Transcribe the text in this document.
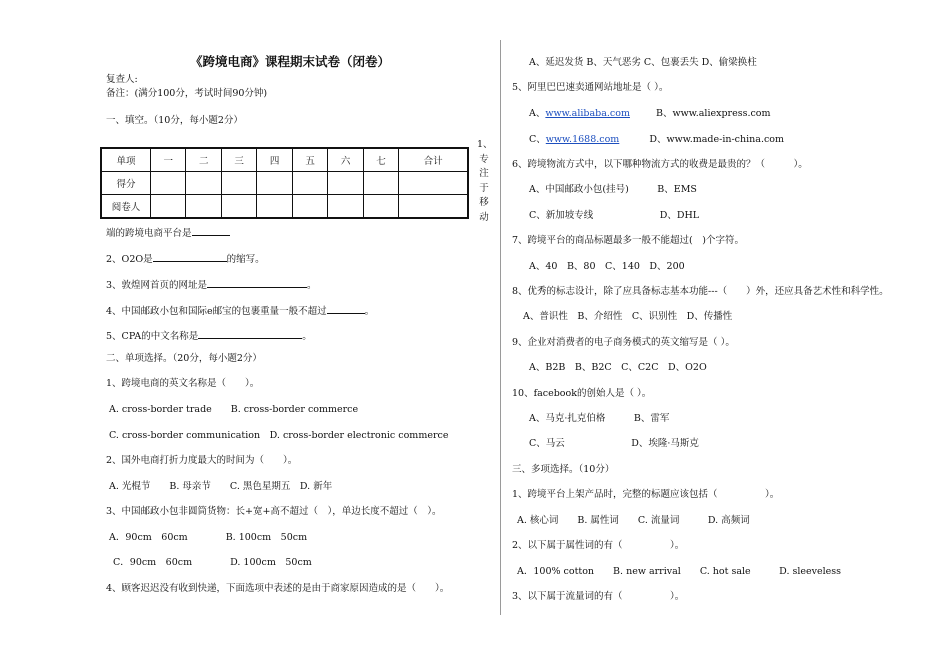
《跨境电商》课程期末试卷（闭卷）
复查人:
备注：(满分100分，考试时间90分钟)
一、填空。（10分，每小题2分）
单项	一	二	三	四	五	六	七	合计
得分								
阅卷人								
1、
专
注
于
移
动
端的跨境电商平台是
2、O2O是	的缩写。
3、敦煌网首页的网址是	。
4、中国邮政小包和国际e邮宝的包裹重量一般不超过	。
5、CPA的中文名称是	。
二、单项选择。（20分，每小题2分）
1、跨境电商的英文名称是（　　）。
A. cross-border trade　　B. cross-border commerce
C. cross-border communication　D. cross-border electronic commerce
2、国外电商打折力度最大的时间为（　　）。
A. 光棍节　　B. 母亲节　　C. 黑色星期五　D. 新年
3、中国邮政小包非圆筒货物：长+宽+高不超过（　），单边长度不超过（　）。
A．90cm　60cm　　　　B. 100cm　50cm
C．90cm　60cm　　　　D. 100cm　50cm
4、顾客迟迟没有收到快递，下面选项中表述的是由于商家原因造成的是（　　）。
A、延迟发货 B、天气恶劣 C、包裹丢失 D、偷梁换柱
5、阿里巴巴速卖通网站地址是（ ）。
A、www.alibaba.com	B、www.aliexpress.com
C、www.1688.com	D、www.made-in-china.com
6、跨境物流方式中，以下哪种物流方式的收费是最贵的？（　　　）。
A、中国邮政小包(挂号)　　　B、EMS
C、新加坡专线　　　　　　　D、DHL
7、跨境平台的商品标题最多一般不能超过(　)个字符。
A、40　B、80　C、140　D、200
8、优秀的标志设计，除了应具备标志基本功能---（　　）外，还应具备艺术性和科学性。
A、普识性　B、介绍性　C、识别性　D、传播性
9、企业对消费者的电子商务模式的英文缩写是（ ）。
A、B2B　B、B2C　C、C2C　D、O2O
10、facebook的创始人是（ ）。
A、马克·扎克伯格　　　B、雷军
C、马云　　　　　　　D、埃隆·马斯克
三、多项选择。（10分）
1、跨境平台上架产品时，完整的标题应该包括（　　　　　）。
A. 核心词　　B. 属性词　　C. 流量词　　　D. 高频词
2、以下属于属性词的有（　　　　　）。
A．100% cotton　　B. new arrival　　C. hot sale　　　D. sleeveless
3、以下属于流量词的有（　　　　　）。
